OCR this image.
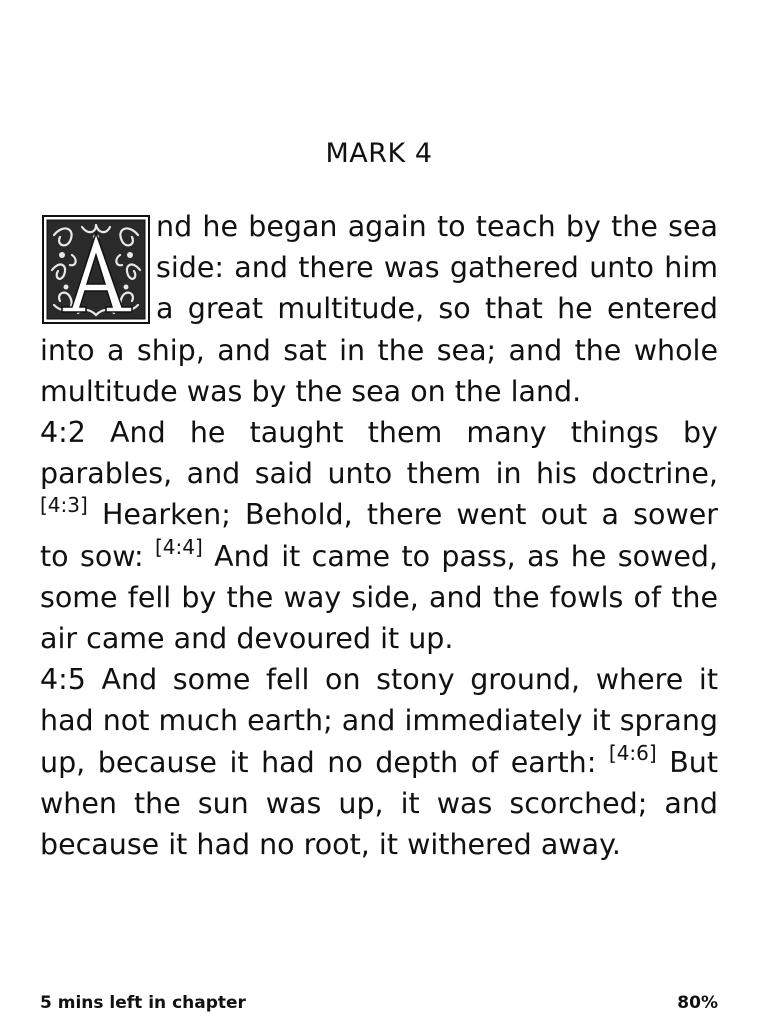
MARK 4

nd he began again to teach by the sea side: and there was gathered unto him a great multitude, so that he entered into a ship, and sat in the sea; and the whole multitude was by the sea on the land.

4:2 And he taught them many things by parables, and said unto them in his doctrine,[4:3] Hearken; Behold, there went out a sower to sow: [4:4] And it came to pass, as he sowed, some fell by the way side, and the fowls of the air came and devoured it up.

4:5 And some fell on stony ground, where it had not much earth; and immediately it sprang up, because it had no depth of earth: [4:6] But when the sun was up, it was scorched; and because it had no root, it withered away.

5 mins left in chapter	80%
